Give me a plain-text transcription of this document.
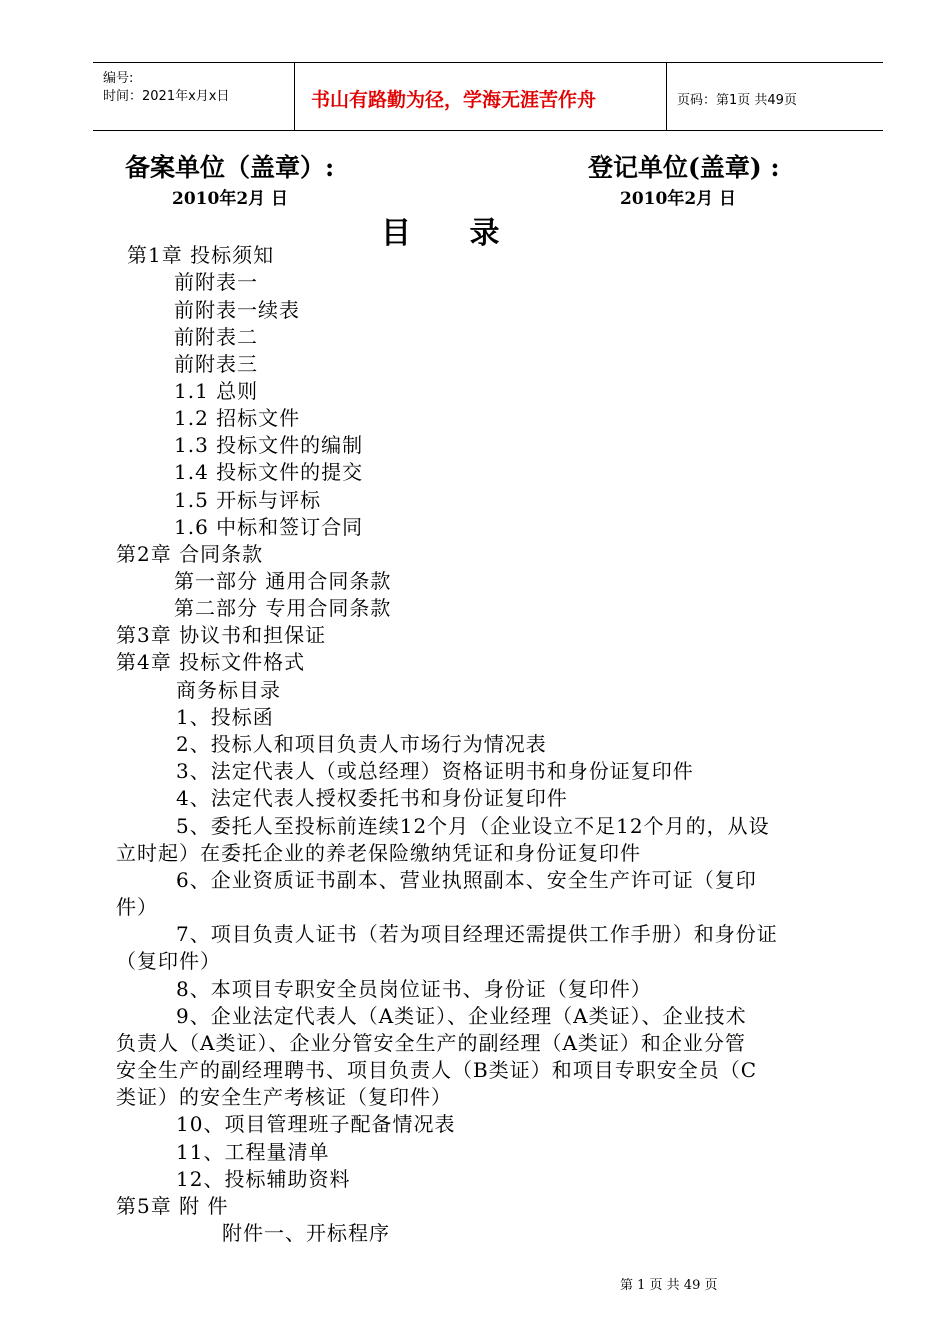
编号:
时间：2021年x月x日	书山有路勤为径，学海无涯苦作舟	页码：第1页 共49页
备案单位（盖章）:
2010年2月 日
登记单位(盖章) :
2010年2月 日
目 录
第1章 投标须知
前附表一
前附表一续表
前附表二
前附表三
1.1 总则
1.2 招标文件
1.3 投标文件的编制
1.4 投标文件的提交
1.5 开标与评标
1.6 中标和签订合同
第2章 合同条款
第一部分 通用合同条款
第二部分 专用合同条款
第3章 协议书和担保证
第4章 投标文件格式
商务标目录
1、投标函
2、投标人和项目负责人市场行为情况表
3、法定代表人（或总经理）资格证明书和身份证复印件
4、法定代表人授权委托书和身份证复印件
5、委托人至投标前连续12个月（企业设立不足12个月的，从设
立时起）在委托企业的养老保险缴纳凭证和身份证复印件
6、企业资质证书副本、营业执照副本、安全生产许可证（复印
件）
7、项目负责人证书（若为项目经理还需提供工作手册）和身份证
（复印件）
8、本项目专职安全员岗位证书、身份证（复印件）
9、企业法定代表人（A类证）、企业经理（A类证）、企业技术
负责人（A类证）、企业分管安全生产的副经理（A类证）和企业分管
安全生产的副经理聘书、项目负责人（B类证）和项目专职安全员（C
类证）的安全生产考核证（复印件）
10、项目管理班子配备情况表
11、工程量清单
12、投标辅助资料
第5章 附 件
附件一、开标程序
第 1 页 共 49 页
